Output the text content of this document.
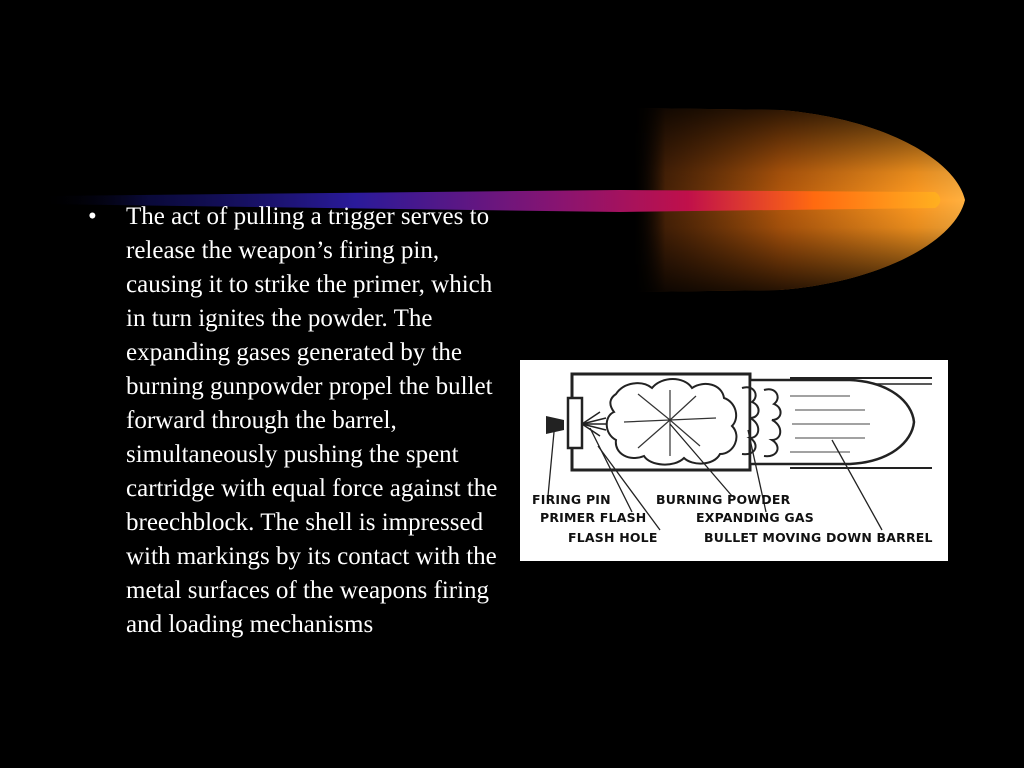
•	The act of pulling a trigger serves to release the weapon’s firing pin, causing it to strike the primer, which in turn ignites the powder. The expanding gases generated by the burning gunpowder propel the bullet forward through the barrel, simultaneously pushing the spent cartridge with equal force against the breechblock. The shell is impressed with markings by its contact with the metal surfaces of the weapons firing and loading mechanisms
FIRING PIN
PRIMER FLASH
FLASH HOLE
BURNING POWDER
EXPANDING GAS
BULLET MOVING DOWN BARREL
